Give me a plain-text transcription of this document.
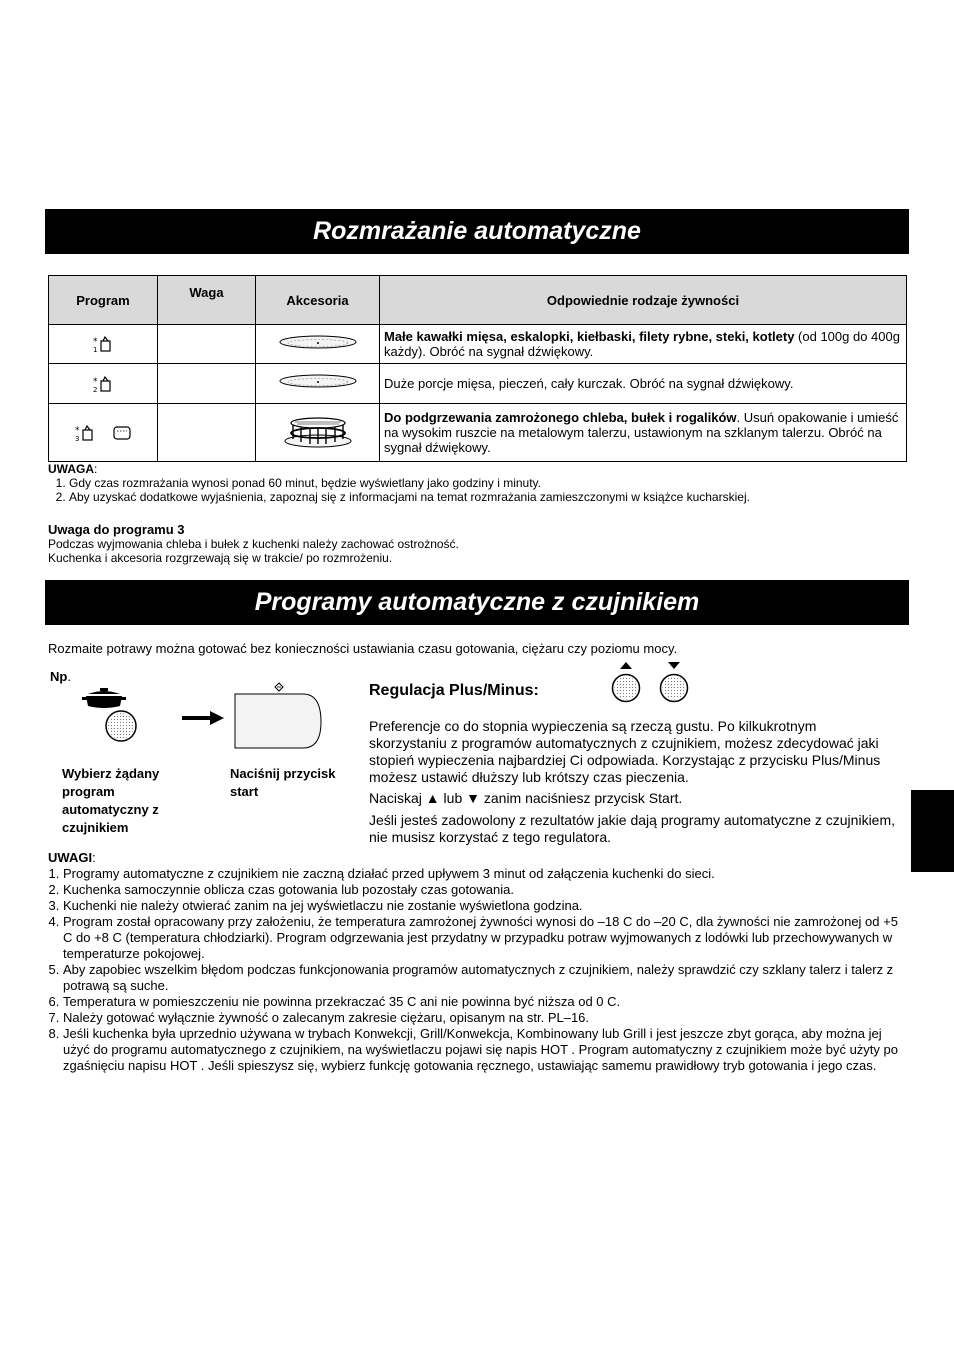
Rozmrażanie automatyczne
Program	Waga	Akcesoria	Odpowiednie rodzaje żywności

*
1			Małe kawałki mięsa, eskalopki, kiełbaski, filety rybne, steki, kotlety (od 100g do 400g każdy). Obróć na sygnał dźwiękowy.

*
2			Duże porcje mięsa, pieczeń, cały kurczak. Obróć na sygnał dźwiękowy.

*
3			Do podgrzewania zamrożonego chleba, bułek i rogalików. Usuń opakowanie i umieść na wysokim ruszcie na metalowym talerzu, ustawionym na szklanym talerzu. Obróć na sygnał dźwiękowy.
UWAGA:
1. Gdy czas rozmrażania wynosi ponad 60 minut, będzie wyświetlany jako godziny i minuty.
2. Aby uzyskać dodatkowe wyjaśnienia, zapoznaj się z informacjami na temat rozmrażania zamieszczonymi w książce kucharskiej.
Uwaga do programu 3
Podczas wyjmowania chleba i bułek z kuchenki należy zachować ostrożność.
Kuchenka i akcesoria rozgrzewają się w trakcie/ po rozmrożeniu.
Programy automatyczne z czujnikiem
Rozmaite potrawy można gotować bez konieczności ustawiania czasu gotowania, ciężaru czy poziomu mocy.
Np.
Wybierz żądany program automatyczny z czujnikiem
Naciśnij przycisk start
Regulacja Plus/Minus:

Preferencje co do stopnia wypieczenia są rzeczą gustu. Po kilkukrotnym skorzystaniu z programów automatycznych z czujnikiem, możesz zdecydować jaki stopień wypieczenia najbardziej Ci odpowiada. Korzystając z przycisku Plus/Minus możesz ustawić dłuższy lub krótszy czas pieczenia.

Naciskaj ▲ lub ▼ zanim naciśniesz przycisk Start.

Jeśli jesteś zadowolony z rezultatów jakie dają programy automatyczne z czujnikiem, nie musisz korzystać z tego regulatora.

UWAGI:
1. Programy automatyczne z czujnikiem nie zaczną działać przed upływem 3 minut od załączenia kuchenki do sieci.
2. Kuchenka samoczynnie oblicza czas gotowania lub pozostały czas gotowania.
3. Kuchenki nie należy otwierać zanim na jej wyświetlaczu nie zostanie wyświetlona godzina.
4. Program został opracowany przy założeniu, że temperatura zamrożonej żywności wynosi do –18 C do –20 C, dla żywności nie zamrożonej od +5 C do +8 C (temperatura chłodziarki). Program odgrzewania jest przydatny w przypadku potraw wyjmowanych z lodówki lub przechowywanych w temperaturze pokojowej.
5. Aby zapobiec wszelkim błędom podczas funkcjonowania programów automatycznych z czujnikiem, należy sprawdzić czy szklany talerz i talerz z potrawą są suche.
6. Temperatura w pomieszczeniu nie powinna przekraczać 35 C ani nie powinna być niższa od 0 C.
7. Należy gotować wyłącznie żywność o zalecanym zakresie ciężaru, opisanym na str. PL–16.
8. Jeśli kuchenka była uprzednio używana w trybach Konwekcji, Grill/Konwekcja, Kombinowany lub Grill i jest jeszcze zbyt gorąca, aby można jej użyć do programu automatycznego z czujnikiem, na wyświetlaczu pojawi się napis HOT . Program automatyczny z czujnikiem może być użyty po zgaśnięciu napisu HOT . Jeśli spieszysz się, wybierz funkcję gotowania ręcznego, ustawiając samemu prawidłowy tryb gotowania i jego czas.
